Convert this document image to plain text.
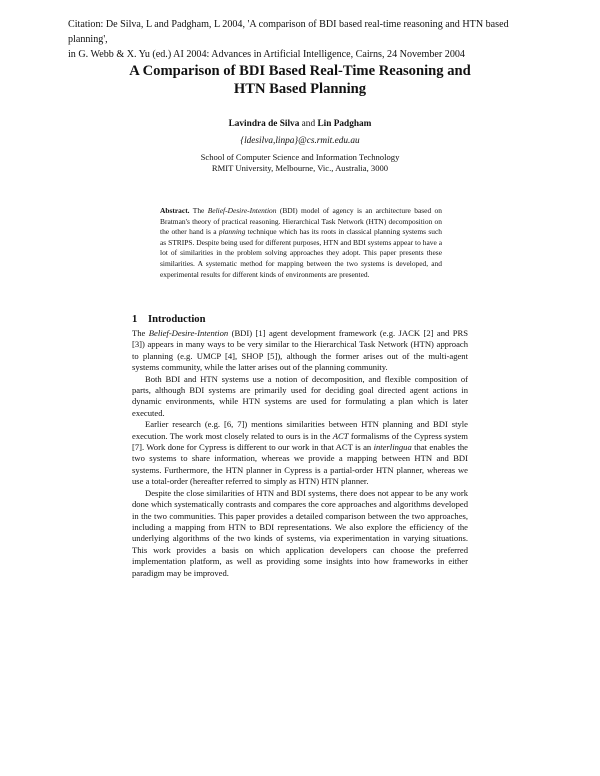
Citation: De Silva, L and Padgham, L 2004, 'A comparison of BDI based real-time reasoning and HTN based planning',
in G. Webb & X. Yu (ed.) AI 2004: Advances in Artificial Intelligence, Cairns, 24 November 2004
A Comparison of BDI Based Real-Time Reasoning and
HTN Based Planning
Lavindra de Silva and Lin Padgham
{ldesilva,linpa}@cs.rmit.edu.au
School of Computer Science and Information Technology
RMIT University, Melbourne, Vic., Australia, 3000
Abstract. The Belief-Desire-Intention (BDI) model of agency is an architecture based on Bratman's theory of practical reasoning. Hierarchical Task Network (HTN) decomposition on the other hand is a planning technique which has its roots in classical planning systems such as STRIPS. Despite being used for different purposes, HTN and BDI systems appear to have a lot of similarities in the problem solving approaches they adopt. This paper presents these similarities. A systematic method for mapping between the two systems is developed, and experimental results for different kinds of environments are presented.
1 Introduction

The Belief-Desire-Intention (BDI) [1] agent development framework (e.g. JACK [2] and PRS [3]) appears in many ways to be very similar to the Hierarchical Task Network (HTN) approach to planning (e.g. UMCP [4], SHOP [5]), although the former arises out of the multi-agent systems community, while the latter arises out of the planning community.

Both BDI and HTN systems use a notion of decomposition, and flexible composition of parts, although BDI systems are primarily used for deciding goal directed agent actions in dynamic environments, while HTN systems are used for formulating a plan which is later executed.

Earlier research (e.g. [6, 7]) mentions similarities between HTN planning and BDI style execution. The work most closely related to ours is in the ACT formalisms of the Cypress system [7]. Work done for Cypress is different to our work in that ACT is an interlingua that enables the two systems to share information, whereas we provide a mapping between HTN and BDI systems. Furthermore, the HTN planner in Cypress is a partial-order HTN planner, whereas we use a total-order (hereafter referred to simply as HTN) HTN planner.

Despite the close similarities of HTN and BDI systems, there does not appear to be any work done which systematically contrasts and compares the core approaches and algorithms developed in the two communities. This paper provides a detailed comparison between the two approaches, including a mapping from HTN to BDI representations. We also explore the efficiency of the underlying algorithms of the two kinds of systems, via experimentation in varying situations. This work provides a basis on which application developers can choose the preferred implementation platform, as well as providing some insights into how frameworks in either paradigm may be improved.
